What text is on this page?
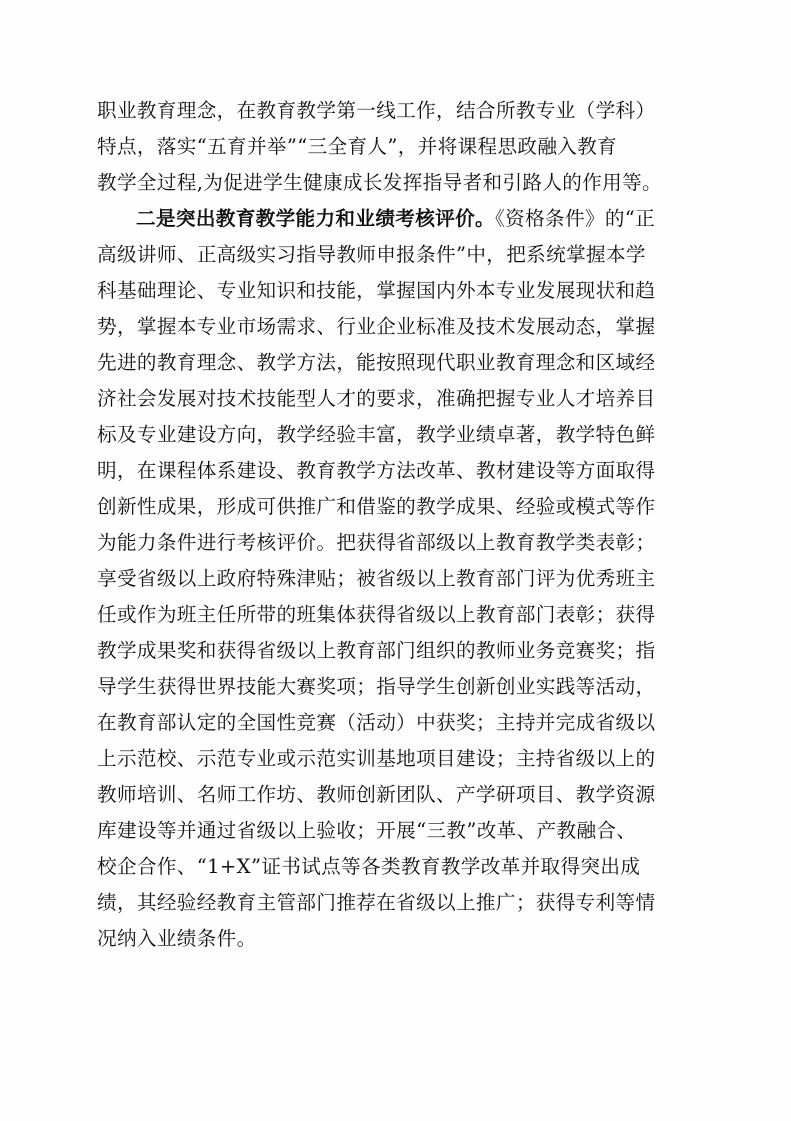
职业教育理念，在教育教学第一线工作，结合所教专业（学科）
特点，落实“五育并举”“三全育人”，并将课程思政融入教育
教学全过程,为促进学生健康成长发挥指导者和引路人的作用等。
二是突出教育教学能力和业绩考核评价。《资格条件》的“正
高级讲师、正高级实习指导教师申报条件”中，把系统掌握本学
科基础理论、专业知识和技能，掌握国内外本专业发展现状和趋
势，掌握本专业市场需求、行业企业标准及技术发展动态，掌握
先进的教育理念、教学方法，能按照现代职业教育理念和区域经
济社会发展对技术技能型人才的要求，准确把握专业人才培养目
标及专业建设方向，教学经验丰富，教学业绩卓著，教学特色鲜
明，在课程体系建设、教育教学方法改革、教材建设等方面取得
创新性成果，形成可供推广和借鉴的教学成果、经验或模式等作
为能力条件进行考核评价。把获得省部级以上教育教学类表彰；
享受省级以上政府特殊津贴；被省级以上教育部门评为优秀班主
任或作为班主任所带的班集体获得省级以上教育部门表彰；获得
教学成果奖和获得省级以上教育部门组织的教师业务竞赛奖；指
导学生获得世界技能大赛奖项；指导学生创新创业实践等活动，
在教育部认定的全国性竞赛（活动）中获奖；主持并完成省级以
上示范校、示范专业或示范实训基地项目建设；主持省级以上的
教师培训、名师工作坊、教师创新团队、产学研项目、教学资源
库建设等并通过省级以上验收；开展“三教”改革、产教融合、
校企合作、“1+X”证书试点等各类教育教学改革并取得突出成
绩，其经验经教育主管部门推荐在省级以上推广；获得专利等情
况纳入业绩条件。
